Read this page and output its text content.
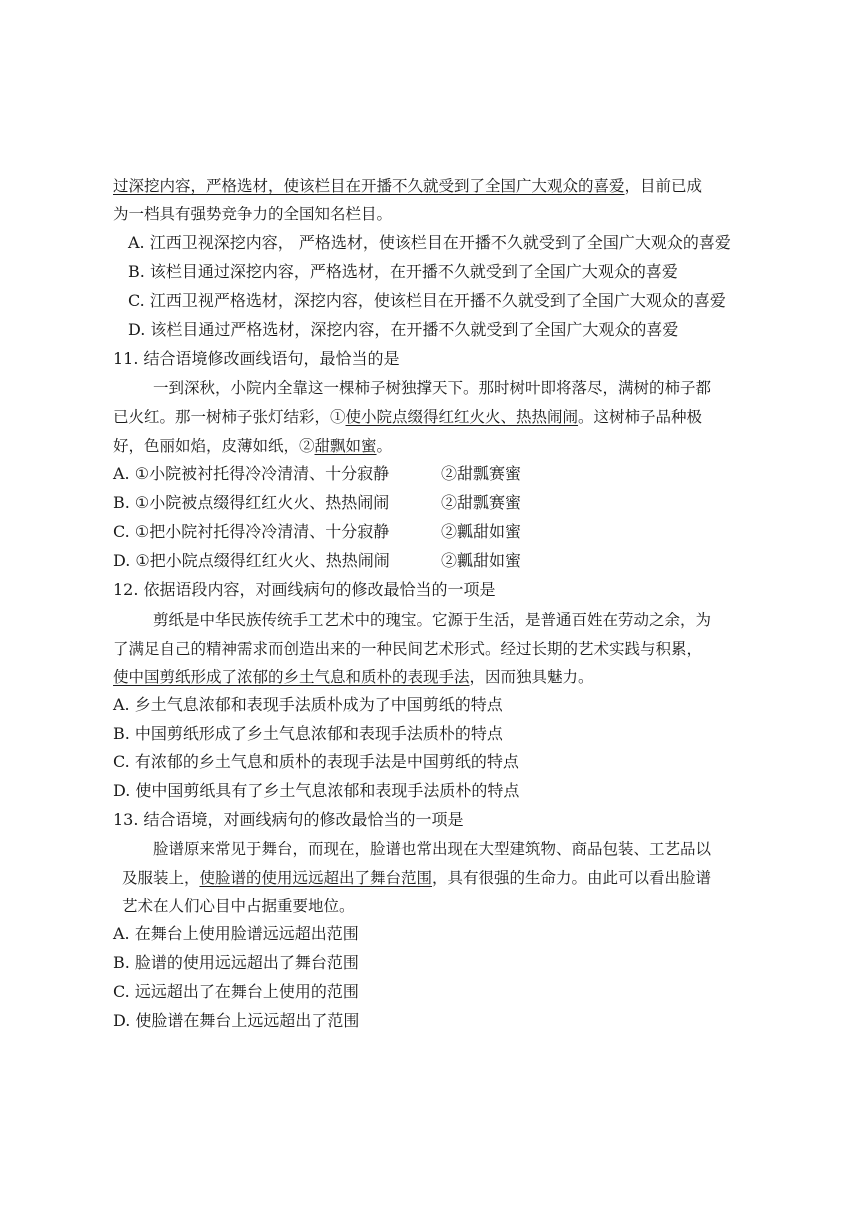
过深挖内容，严格选材，使该栏目在开播不久就受到了全国广大观众的喜爱，目前已成
为一档具有强势竞争力的全国知名栏目。
A. 江西卫视深挖内容， 严格选材，使该栏目在开播不久就受到了全国广大观众的喜爱
B. 该栏目通过深挖内容，严格选材，在开播不久就受到了全国广大观众的喜爱
C. 江西卫视严格选材，深挖内容，使该栏目在开播不久就受到了全国广大观众的喜爱
D. 该栏目通过严格选材，深挖内容，在开播不久就受到了全国广大观众的喜爱
11. 结合语境修改画线语句，最恰当的是
一到深秋，小院内全靠这一棵柿子树独撑天下。那时树叶即将落尽，满树的柿子都
已火红。那一树柿子张灯结彩，①使小院点缀得红红火火、热热闹闹。这树柿子品种极
好，色丽如焰，皮薄如纸，②甜飘如蜜。
A. ①小院被衬托得冷冷清清、十分寂静	②甜瓢赛蜜
B. ①小院被点缀得红红火火、热热闹闹	②甜瓢赛蜜
C. ①把小院衬托得冷冷清清、十分寂静	②瓤甜如蜜
D. ①把小院点缀得红红火火、热热闹闹	②瓤甜如蜜
12. 依据语段内容，对画线病句的修改最恰当的一项是
剪纸是中华民族传统手工艺术中的瑰宝。它源于生活，是普通百姓在劳动之余，为
了满足自己的精神需求而创造出来的一种民间艺术形式。经过长期的艺术实践与积累，
使中国剪纸形成了浓郁的乡土气息和质朴的表现手法，因而独具魅力。
A. 乡土气息浓郁和表现手法质朴成为了中国剪纸的特点
B. 中国剪纸形成了乡土气息浓郁和表现手法质朴的特点
C. 有浓郁的乡土气息和质朴的表现手法是中国剪纸的特点
D. 使中国剪纸具有了乡土气息浓郁和表现手法质朴的特点
13. 结合语境，对画线病句的修改最恰当的一项是
脸谱原来常见于舞台，而现在，脸谱也常出现在大型建筑物、商品包装、工艺品以
及服装上，使脸谱的使用远远超出了舞台范围，具有很强的生命力。由此可以看出脸谱
艺术在人们心目中占据重要地位。
A. 在舞台上使用脸谱远远超出范围
B. 脸谱的使用远远超出了舞台范围
C. 远远超出了在舞台上使用的范围
D. 使脸谱在舞台上远远超出了范围
